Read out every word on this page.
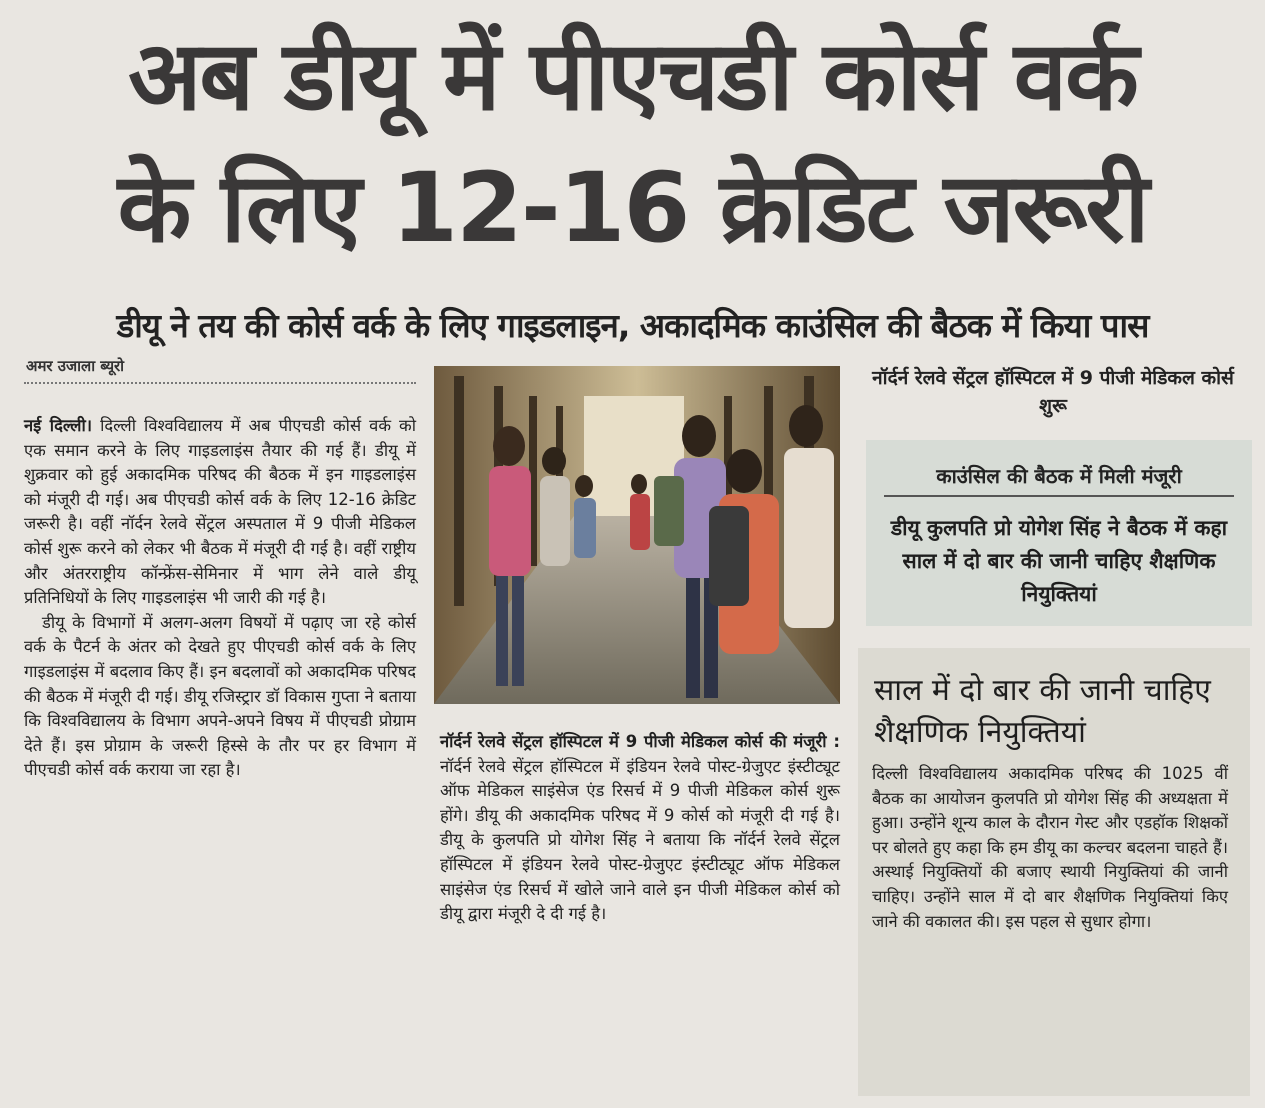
अब डीयू में पीएचडी कोर्स वर्क
के लिए 12-16 क्रेडिट जरूरी
डीयू ने तय की कोर्स वर्क के लिए गाइडलाइन, अकादमिक काउंसिल की बैठक में किया पास
अमर उजाला ब्यूरो

नई दिल्ली। दिल्ली विश्वविद्यालय में अब पीएचडी कोर्स वर्क को एक समान करने के लिए गाइडलाइंस तैयार की गई हैं। डीयू में शुक्रवार को हुई अकादमिक परिषद की बैठक में इन गाइडलाइंस को मंजूरी दी गई। अब पीएचडी कोर्स वर्क के लिए 12-16 क्रेडिट जरूरी है। वहीं नॉर्दन रेलवे सेंट्रल अस्पताल में 9 पीजी मेडिकल कोर्स शुरू करने को लेकर भी बैठक में मंजूरी दी गई है। वहीं राष्ट्रीय और अंतरराष्ट्रीय कॉन्फ्रेंस-सेमिनार में भाग लेने वाले डीयू प्रतिनिधियों के लिए गाइडलाइंस भी जारी की गई है।

डीयू के विभागों में अलग-अलग विषयों में पढ़ाए जा रहे कोर्स वर्क के पैटर्न के अंतर को देखते हुए पीएचडी कोर्स वर्क के लिए गाइडलाइंस में बदलाव किए हैं। इन बदलावों को अकादमिक परिषद की बैठक में मंजूरी दी गई। डीयू रजिस्ट्रार डॉ विकास गुप्ता ने बताया कि विश्वविद्यालय के विभाग अपने-अपने विषय में पीएचडी प्रोग्राम देते हैं। इस प्रोग्राम के जरूरी हिस्से के तौर पर हर विभाग में पीएचडी कोर्स वर्क कराया जा रहा है।

नॉर्दर्न रेलवे सेंट्रल हॉस्पिटल में 9 पीजी मेडिकल कोर्स की मंजूरी : नॉर्दर्न रेलवे सेंट्रल हॉस्पिटल में इंडियन रेलवे पोस्ट-ग्रेजुएट इंस्टीट्यूट ऑफ मेडिकल साइंसेज एंड रिसर्च में 9 पीजी मेडिकल कोर्स शुरू होंगे। डीयू की अकादमिक परिषद में 9 कोर्स को मंजूरी दी गई है। डीयू के कुलपति प्रो योगेश सिंह ने बताया कि नॉर्दर्न रेलवे सेंट्रल हॉस्पिटल में इंडियन रेलवे पोस्ट-ग्रेजुएट इंस्टीट्यूट ऑफ मेडिकल साइंसेज एंड रिसर्च में खोले जाने वाले इन पीजी मेडिकल कोर्स को डीयू द्वारा मंजूरी दे दी गई है।

नॉर्दर्न रेलवे सेंट्रल हॉस्पिटल में 9 पीजी मेडिकल कोर्स शुरू
काउंसिल की बैठक में मिली मंजूरी
डीयू कुलपति प्रो योगेश सिंह ने बैठक में कहा साल में दो बार की जानी चाहिए शैक्षणिक नियुक्तियां
साल में दो बार की जानी चाहिए शैक्षणिक नियुक्तियां

दिल्ली विश्वविद्यालय अकादमिक परिषद की 1025 वीं बैठक का आयोजन कुलपति प्रो योगेश सिंह की अध्यक्षता में हुआ। उन्होंने शून्य काल के दौरान गेस्ट और एडहॉक शिक्षकों पर बोलते हुए कहा कि हम डीयू का कल्चर बदलना चाहते हैं। अस्थाई नियुक्तियों की बजाए स्थायी नियुक्तियां की जानी चाहिए। उन्होंने साल में दो बार शैक्षणिक नियुक्तियां किए जाने की वकालत की। इस पहल से सुधार होगा।
